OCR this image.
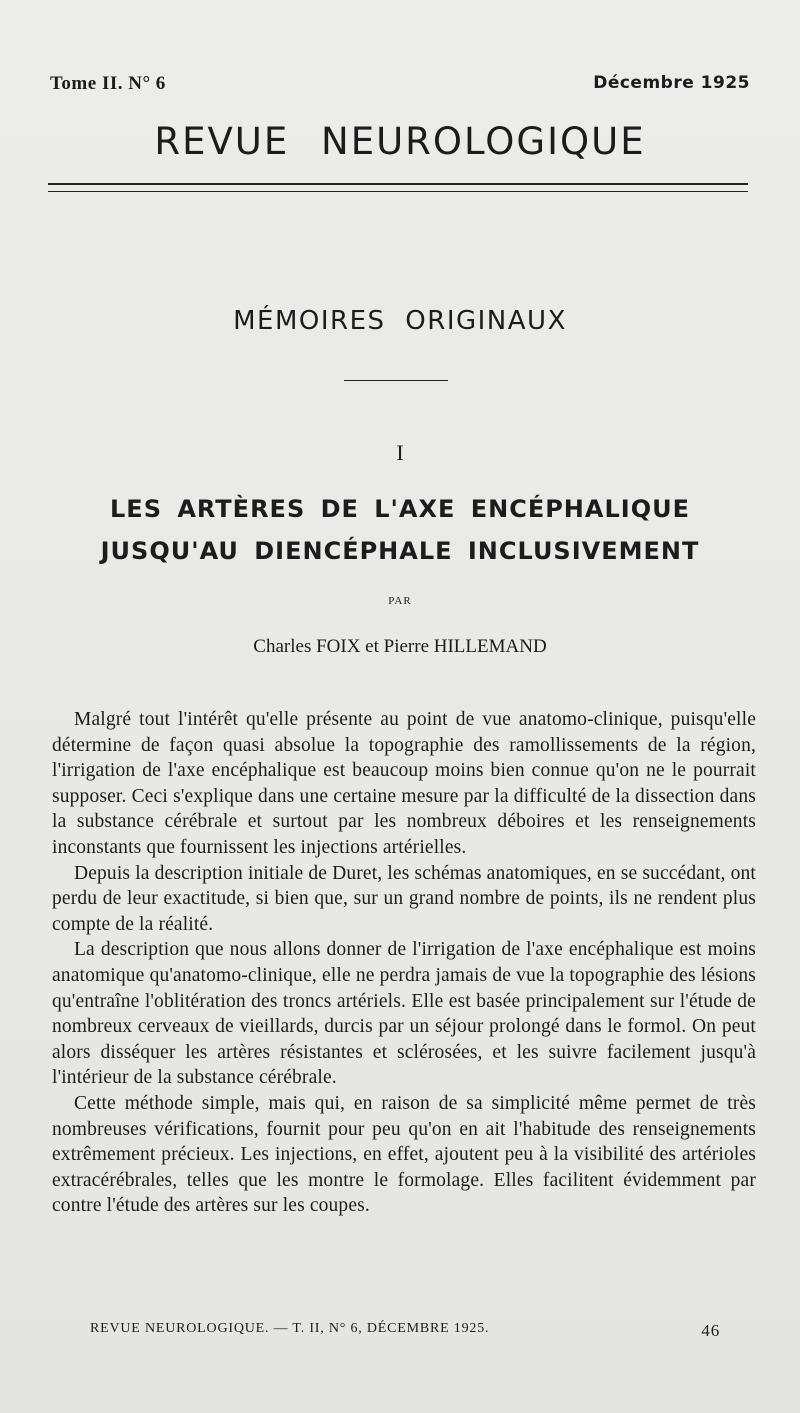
Tome II. N° 6	Décembre 1925
REVUE NEUROLOGIQUE
MÉMOIRES ORIGINAUX
I
LES ARTÈRES DE L'AXE ENCÉPHALIQUE
JUSQU'AU DIENCÉPHALE INCLUSIVEMENT
PAR
Charles FOIX et Pierre HILLEMAND

Malgré tout l'intérêt qu'elle présente au point de vue anatomo-clinique, puisqu'elle détermine de façon quasi absolue la topographie des ramollissements de la région, l'irrigation de l'axe encéphalique est beaucoup moins bien connue qu'on ne le pourrait supposer. Ceci s'explique dans une certaine mesure par la difficulté de la dissection dans la substance cérébrale et surtout par les nombreux déboires et les renseignements inconstants que fournissent les injections artérielles.

Depuis la description initiale de Duret, les schémas anatomiques, en se succédant, ont perdu de leur exactitude, si bien que, sur un grand nombre de points, ils ne rendent plus compte de la réalité.

La description que nous allons donner de l'irrigation de l'axe encéphalique est moins anatomique qu'anatomo-clinique, elle ne perdra jamais de vue la topographie des lésions qu'entraîne l'oblitération des troncs artériels. Elle est basée principalement sur l'étude de nombreux cerveaux de vieillards, durcis par un séjour prolongé dans le formol. On peut alors disséquer les artères résistantes et sclérosées, et les suivre facilement jusqu'à l'intérieur de la substance cérébrale.

Cette méthode simple, mais qui, en raison de sa simplicité même permet de très nombreuses vérifications, fournit pour peu qu'on en ait l'habitude des renseignements extrêmement précieux. Les injections, en effet, ajoutent peu à la visibilité des artérioles extracérébrales, telles que les montre le formolage. Elles facilitent évidemment par contre l'étude des artères sur les coupes.

REVUE NEUROLOGIQUE. — T. II, N° 6, DÉCEMBRE 1925.	46
